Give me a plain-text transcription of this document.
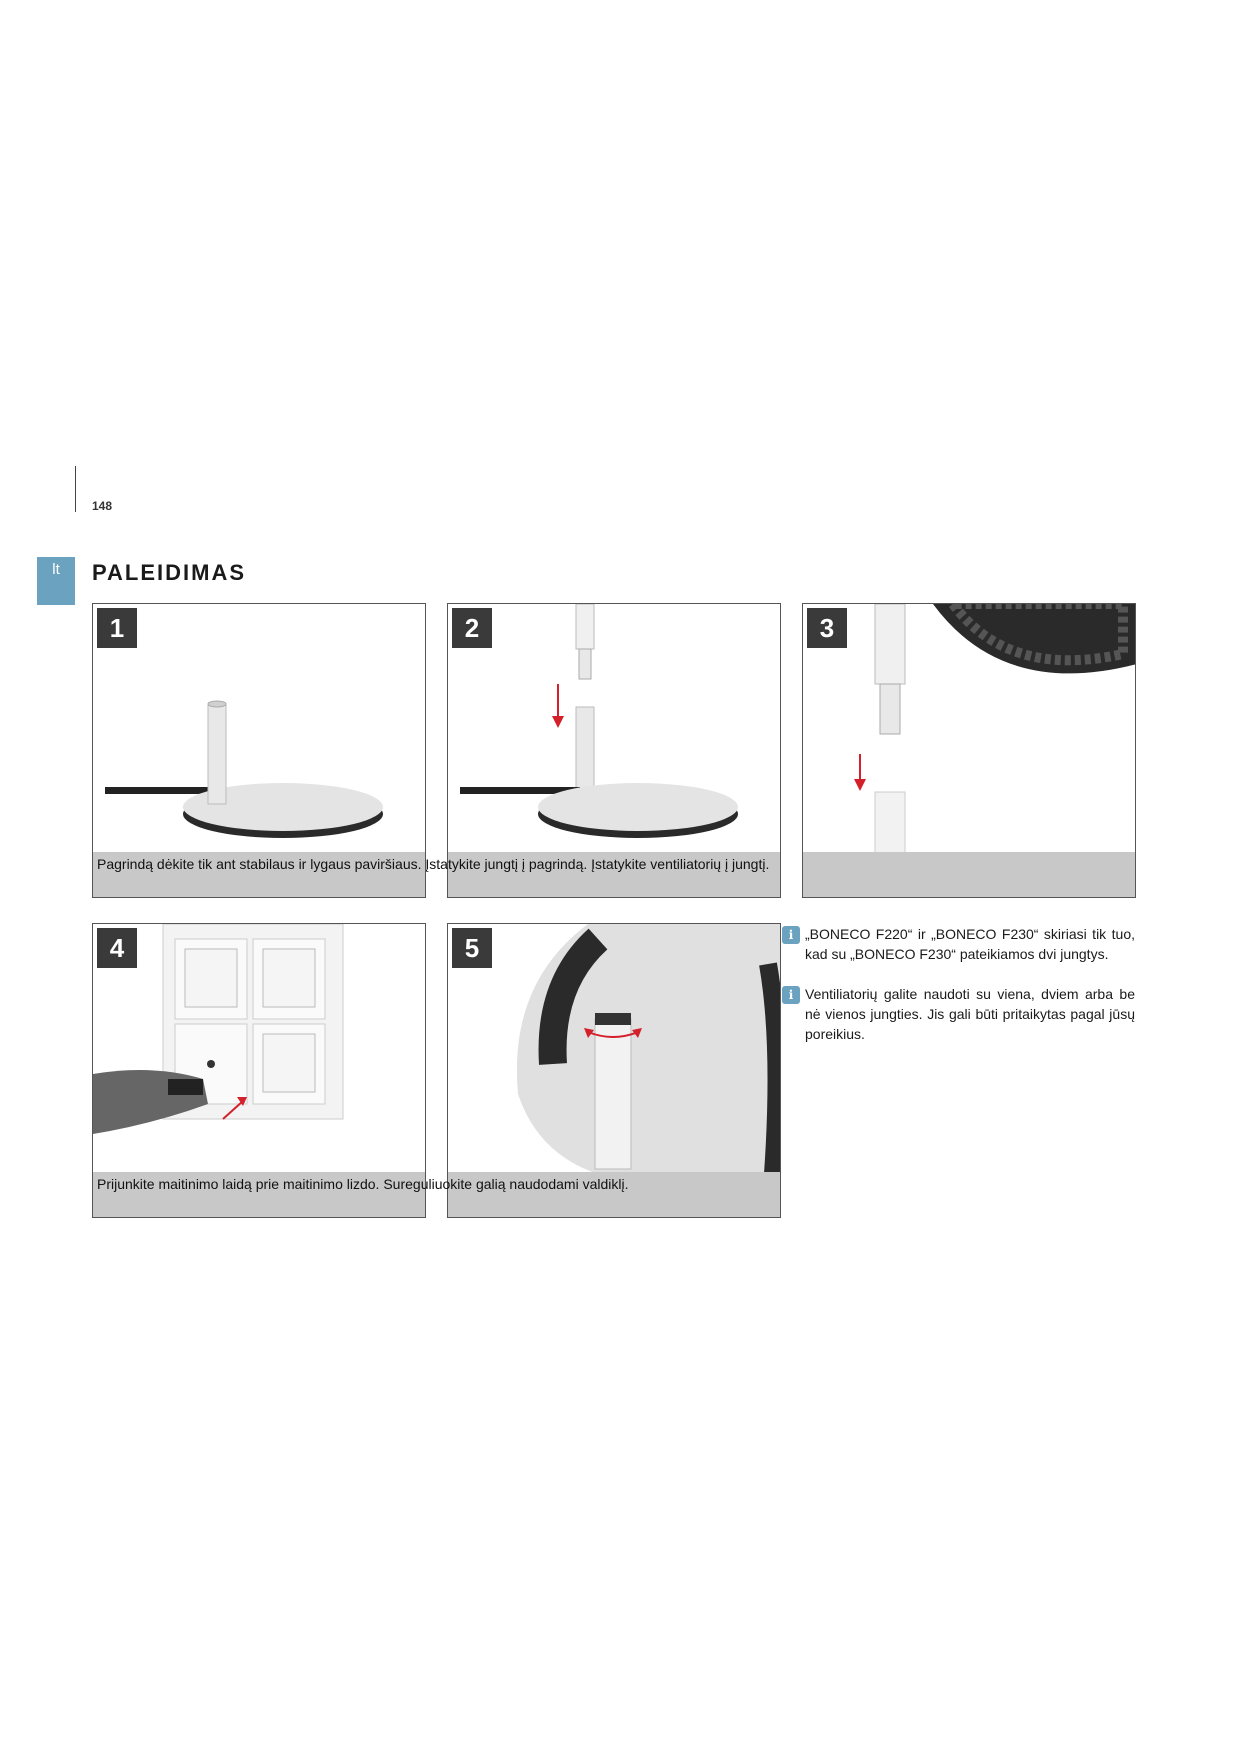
148
lt	PALEIDIMAS
1	2	3
Pagrindą dėkite tik ant stabilaus ir lygaus paviršiaus. Įstatykite jungtį į pagrindą. Įstatykite ventiliatorių į jungtį.
4	5
Prijunkite maitinimo laidą prie maitinimo lizdo. Sureguliuokite galią naudodami valdiklį.
i „BONECO F220“ ir „BONECO F230“ skiriasi tik tuo, kad su „BONECO F230“ pateikiamos dvi jungtys.
i Ventiliatorių galite naudoti su viena, dviem arba be nė vienos jungties. Jis gali būti pritaikytas pagal jūsų poreikius.
